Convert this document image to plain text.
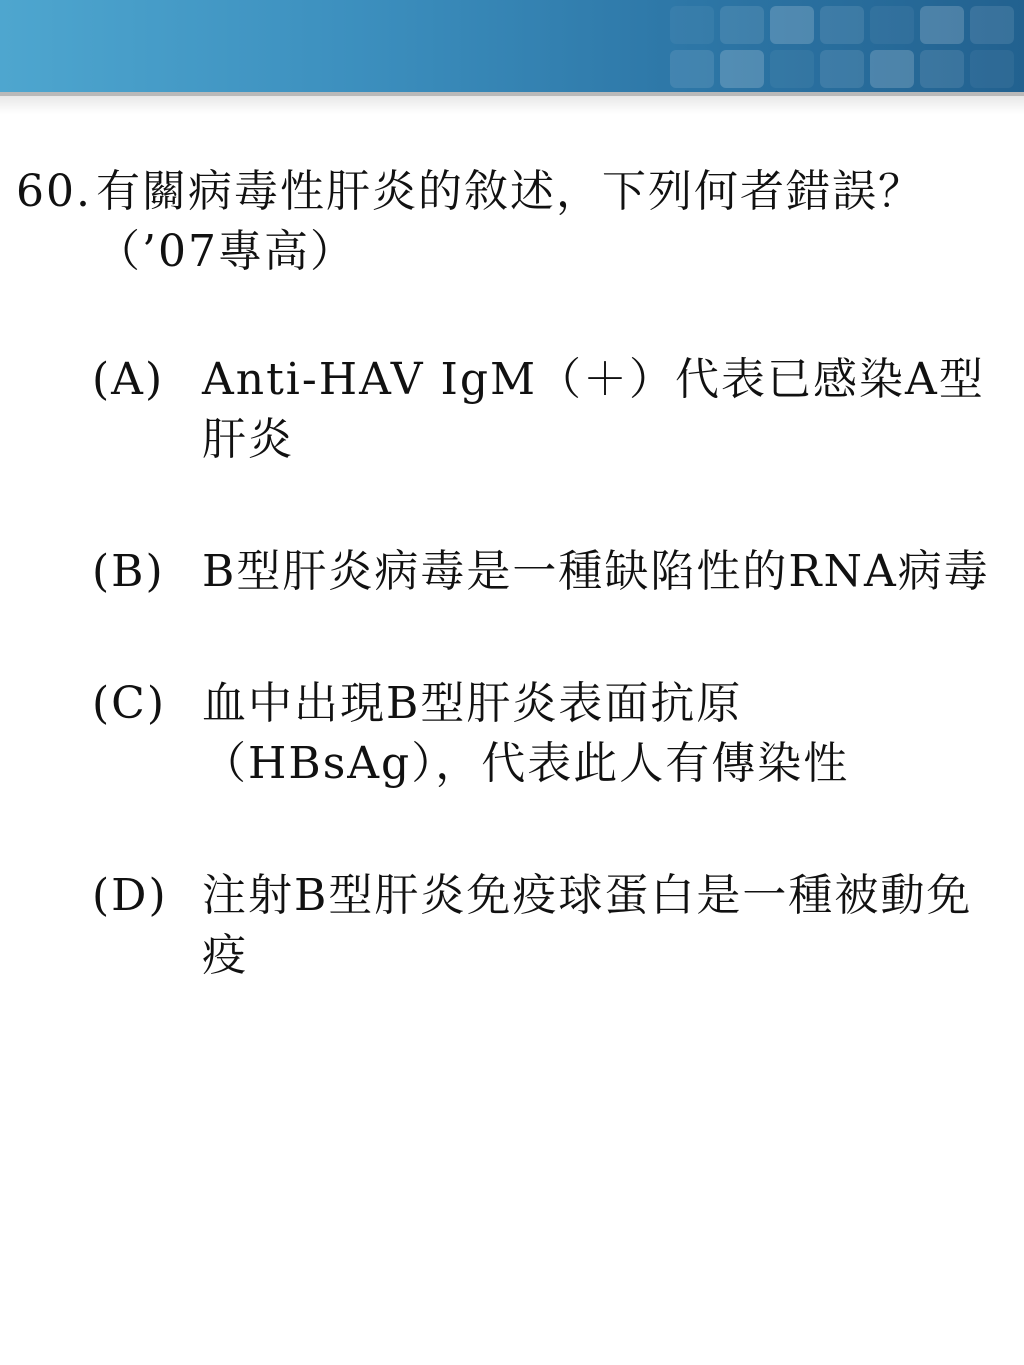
60. 有關病毒性肝炎的敘述，下列何者錯誤？（’07專高）
(A) Anti-HAV IgM（＋）代表已感染A型肝炎
(B) B型肝炎病毒是一種缺陷性的RNA病毒
(C) 血中出現B型肝炎表面抗原（HBsAg），代表此人有傳染性
(D) 注射B型肝炎免疫球蛋白是一種被動免疫
